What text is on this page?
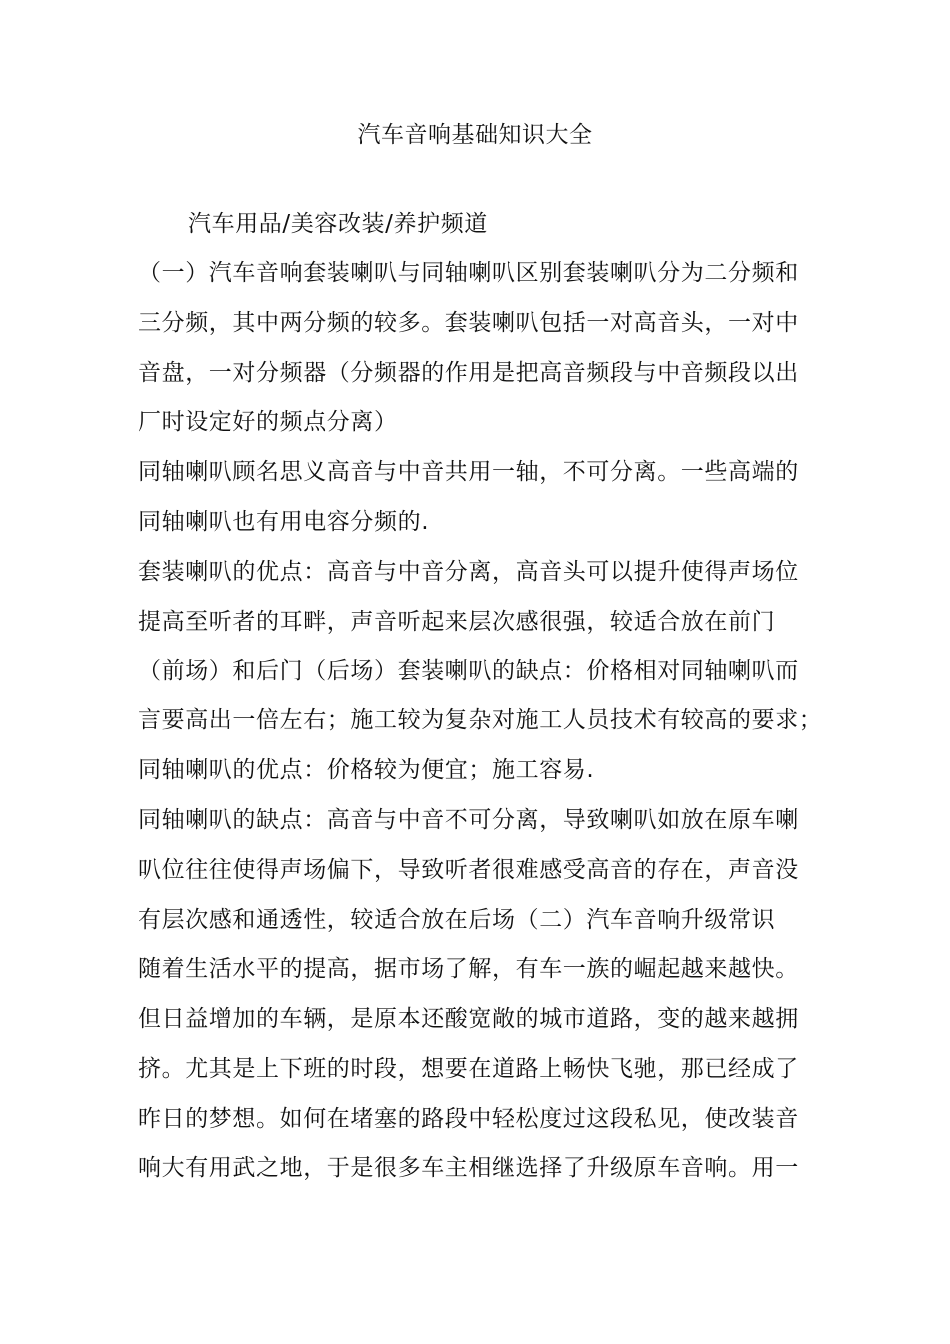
汽车音响基础知识大全
汽车用品/美容改装/养护频道
（一）汽车音响套装喇叭与同轴喇叭区别套装喇叭分为二分频和
三分频，其中两分频的较多。套装喇叭包括一对高音头，一对中
音盘，一对分频器（分频器的作用是把高音频段与中音频段以出
厂时设定好的频点分离）
同轴喇叭顾名思义高音与中音共用一轴，不可分离。一些高端的
同轴喇叭也有用电容分频的.
套装喇叭的优点：高音与中音分离，高音头可以提升使得声场位
提高至听者的耳畔，声音听起来层次感很强，较适合放在前门
（前场）和后门（后场）套装喇叭的缺点：价格相对同轴喇叭而
言要高出一倍左右；施工较为复杂对施工人员技术有较高的要求；
同轴喇叭的优点：价格较为便宜；施工容易.
同轴喇叭的缺点：高音与中音不可分离，导致喇叭如放在原车喇
叭位往往使得声场偏下，导致听者很难感受高音的存在，声音没
有层次感和通透性，较适合放在后场（二）汽车音响升级常识
随着生活水平的提高，据市场了解，有车一族的崛起越来越快。
但日益增加的车辆，是原本还酸宽敞的城市道路，变的越来越拥
挤。尤其是上下班的时段，想要在道路上畅快飞驰，那已经成了
昨日的梦想。如何在堵塞的路段中轻松度过这段私见，使改装音
响大有用武之地，于是很多车主相继选择了升级原车音响。用一
